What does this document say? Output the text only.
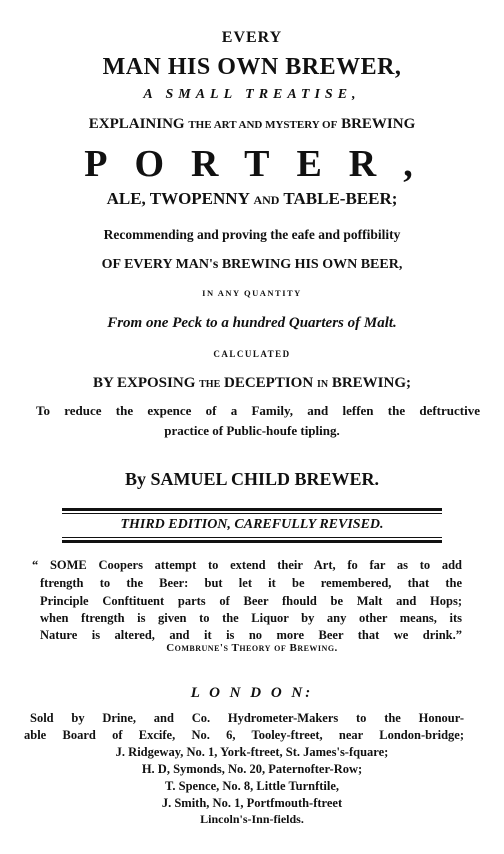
EVERY
MAN HIS OWN BREWER,
A SMALL TREATISE,
EXPLAINING THE ART AND MYSTERY OF BREWING
PORTER,
ALE, TWOPENNY AND TABLE-BEER;
Recommending and proving the eafe and poffibility
OF EVERY MAN's BREWING HIS OWN BEER,
IN ANY QUANTITY
From one Peck to a hundred Quarters of Malt.
CALCULATED
BY EXPOSING THE DECEPTION IN BREWING;
To reduce the expence of a Family, and leffen the deftructive
practice of Public-houfe tipling.
By SAMUEL CHILD BREWER.
THIRD EDITION, CAREFULLY REVISED.
“ SOME Coopers attempt to extend their Art, fo far as to add
ftrength to the Beer: but let it be remembered, that the
Principle Conftituent parts of Beer fhould be Malt and Hops;
when ftrength is given to the Liquor by any other means, its
Nature is altered, and it is no more Beer that we drink.”
Combrune's Theory of Brewing.
L O N D O N:
Sold by Drine, and Co. Hydrometer-Makers to the Honour-
able Board of Excife, No. 6, Tooley-ftreet, near London-bridge;
J. Ridgeway, No. 1, York-ftreet, St. James's-fquare;
H. D, Symonds, No. 20, Paternofter-Row;
T. Spence, No. 8, Little Turnftile,
J. Smith, No. 1, Portfmouth-ftreet
Lincoln's-Inn-fields.
